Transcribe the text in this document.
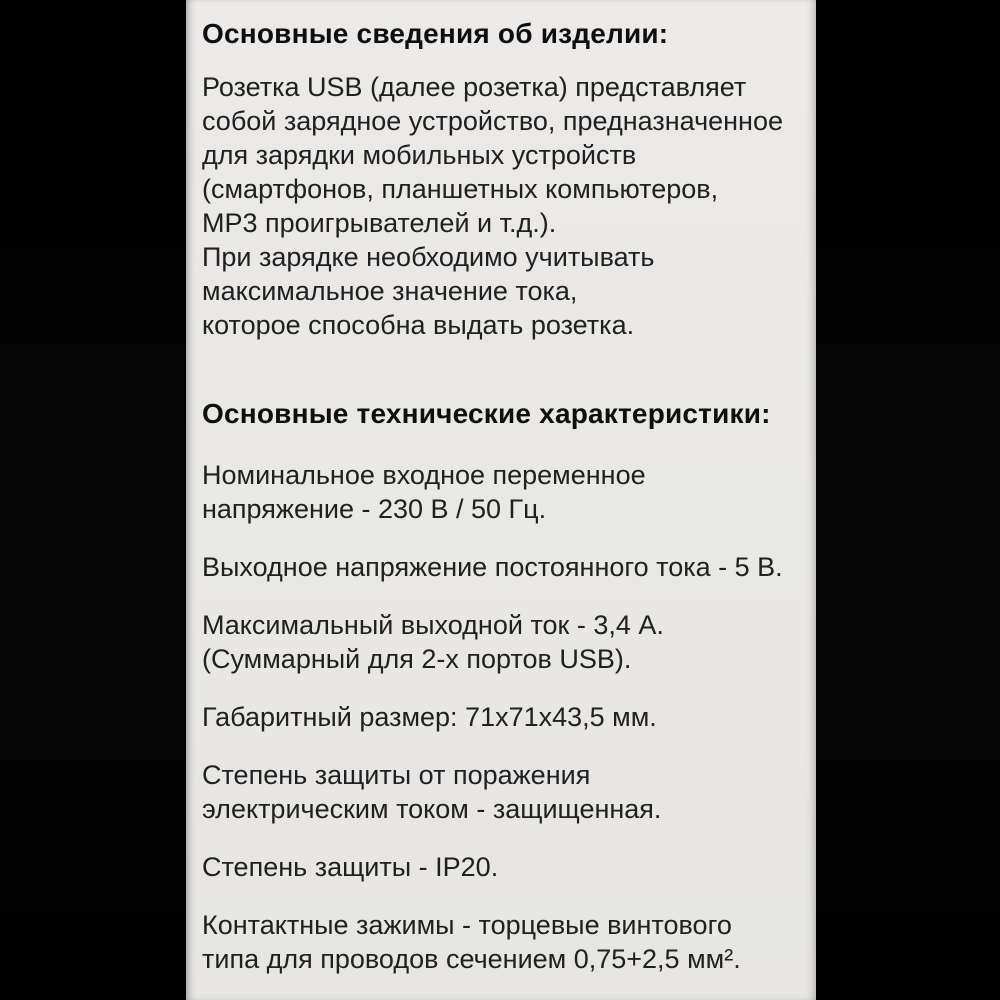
Основные сведения об изделии:
Розетка USB (далее розетка) представляет
собой зарядное устройство, предназначенное
для зарядки мобильных устройств
(смартфонов, планшетных компьютеров,
MP3 проигрывателей и т.д.).
При зарядке необходимо учитывать
максимальное значение тока,
которое способна выдать розетка.
Основные технические характеристики:
Номинальное входное переменное
напряжение - 230 В / 50 Гц.
Выходное напряжение постоянного тока - 5 В.
Максимальный выходной ток - 3,4 А.
(Суммарный для 2-х портов USB).
Габаритный размер: 71х71х43,5 мм.
Степень защиты от поражения
электрическим током - защищенная.
Степень защиты - IP20.
Контактные зажимы - торцевые винтового
типа для проводов сечением 0,75+2,5 мм².
